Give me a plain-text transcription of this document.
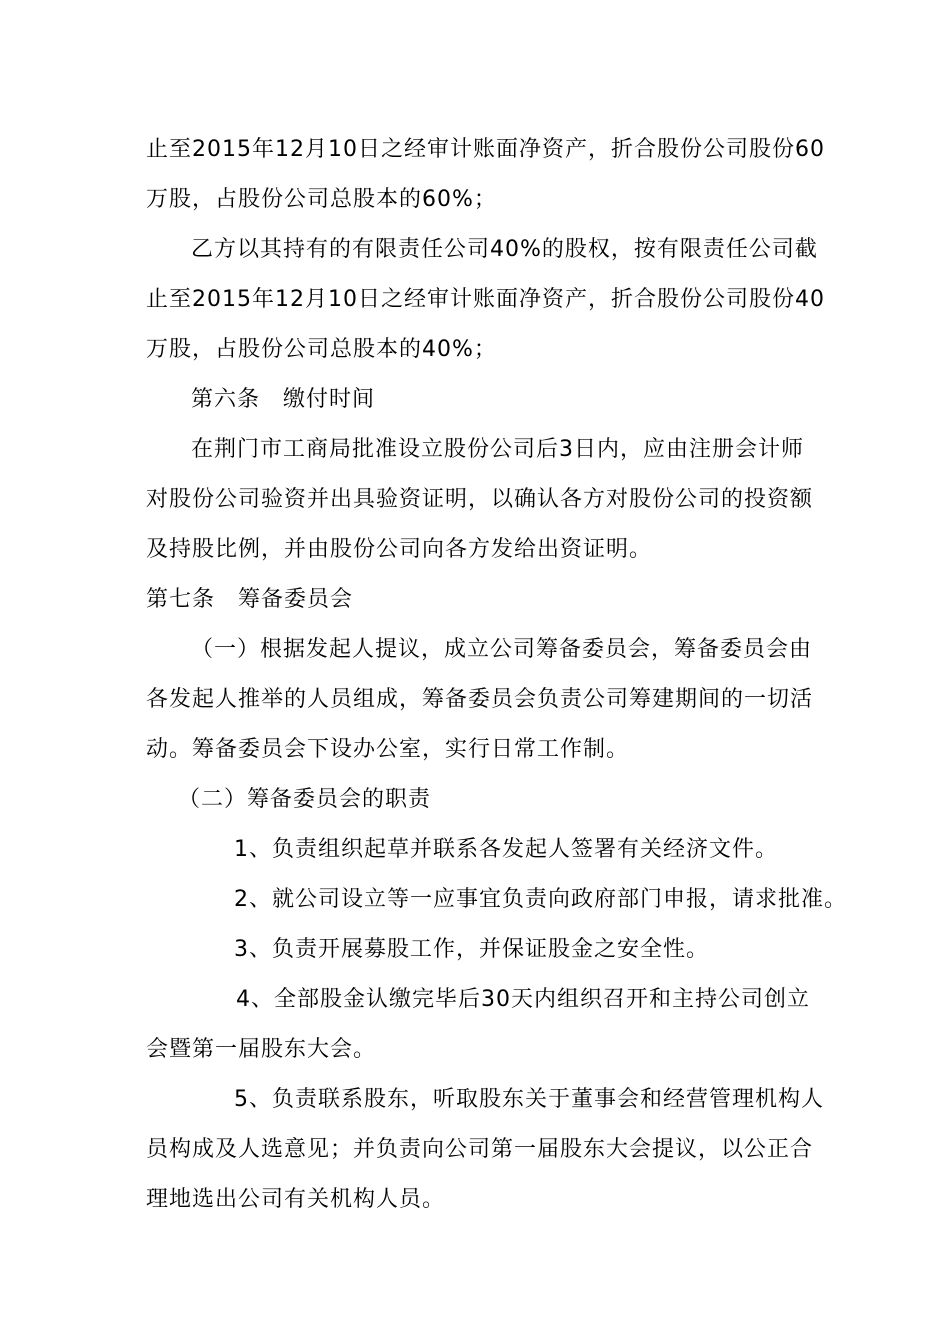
止至2015年12月10日之经审计账面净资产，折合股份公司股份60

万股，占股份公司总股本的60%；

乙方以其持有的有限责任公司40%的股权，按有限责任公司截

止至2015年12月10日之经审计账面净资产，折合股份公司股份40

万股，占股份公司总股本的40%；

第六条　缴付时间

在荆门市工商局批准设立股份公司后3日内，应由注册会计师

对股份公司验资并出具验资证明，以确认各方对股份公司的投资额

及持股比例，并由股份公司向各方发给出资证明。

第七条　筹备委员会

（一）根据发起人提议，成立公司筹备委员会，筹备委员会由

各发起人推举的人员组成，筹备委员会负责公司筹建期间的一切活

动。筹备委员会下设办公室，实行日常工作制。

（二）筹备委员会的职责

1、负责组织起草并联系各发起人签署有关经济文件。

2、就公司设立等一应事宜负责向政府部门申报，请求批准。

3、负责开展募股工作，并保证股金之安全性。

4、全部股金认缴完毕后30天内组织召开和主持公司创立

会暨第一届股东大会。

5、负责联系股东，听取股东关于董事会和经营管理机构人

员构成及人选意见；并负责向公司第一届股东大会提议，以公正合

理地选出公司有关机构人员。
